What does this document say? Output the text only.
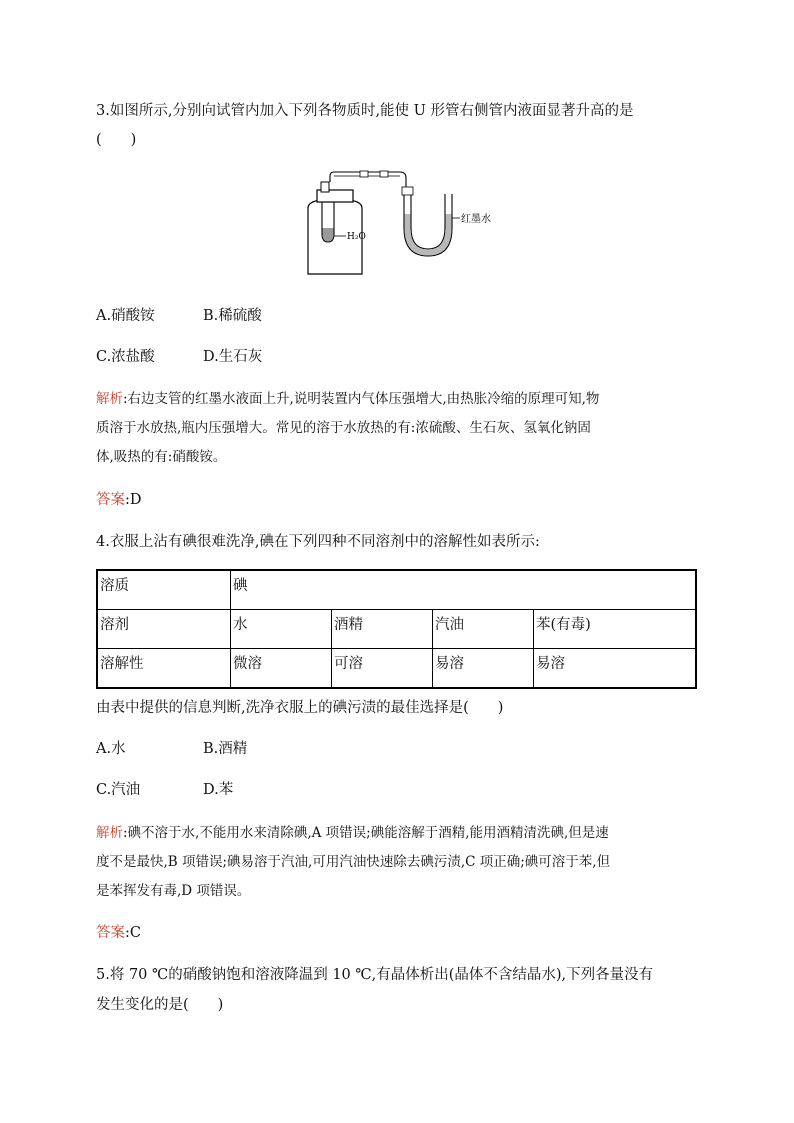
3.如图所示,分别向试管内加入下列各物质时,能使 U 形管右侧管内液面显著升高的是
(　　)
H₂O
红墨水
A.硝酸铵	B.稀硫酸
C.浓盐酸	D.生石灰
解析:右边支管的红墨水液面上升,说明装置内气体压强增大,由热胀冷缩的原理可知,物
质溶于水放热,瓶内压强增大。常见的溶于水放热的有:浓硫酸、生石灰、氢氧化钠固
体,吸热的有:硝酸铵。
答案:D
4.衣服上沾有碘很难洗净,碘在下列四种不同溶剂中的溶解性如表所示:
溶质	碘			
溶剂	水	酒精	汽油	苯(有毒)
溶解性	微溶	可溶	易溶	易溶
由表中提供的信息判断,洗净衣服上的碘污渍的最佳选择是(　　)
A.水	B.酒精
C.汽油	D.苯
解析:碘不溶于水,不能用水来清除碘,A 项错误;碘能溶解于酒精,能用酒精清洗碘,但是速
度不是最快,B 项错误;碘易溶于汽油,可用汽油快速除去碘污渍,C 项正确;碘可溶于苯,但
是苯挥发有毒,D 项错误。
答案:C
5.将 70 ℃的硝酸钠饱和溶液降温到 10 ℃,有晶体析出(晶体不含结晶水),下列各量没有
发生变化的是(　　)
